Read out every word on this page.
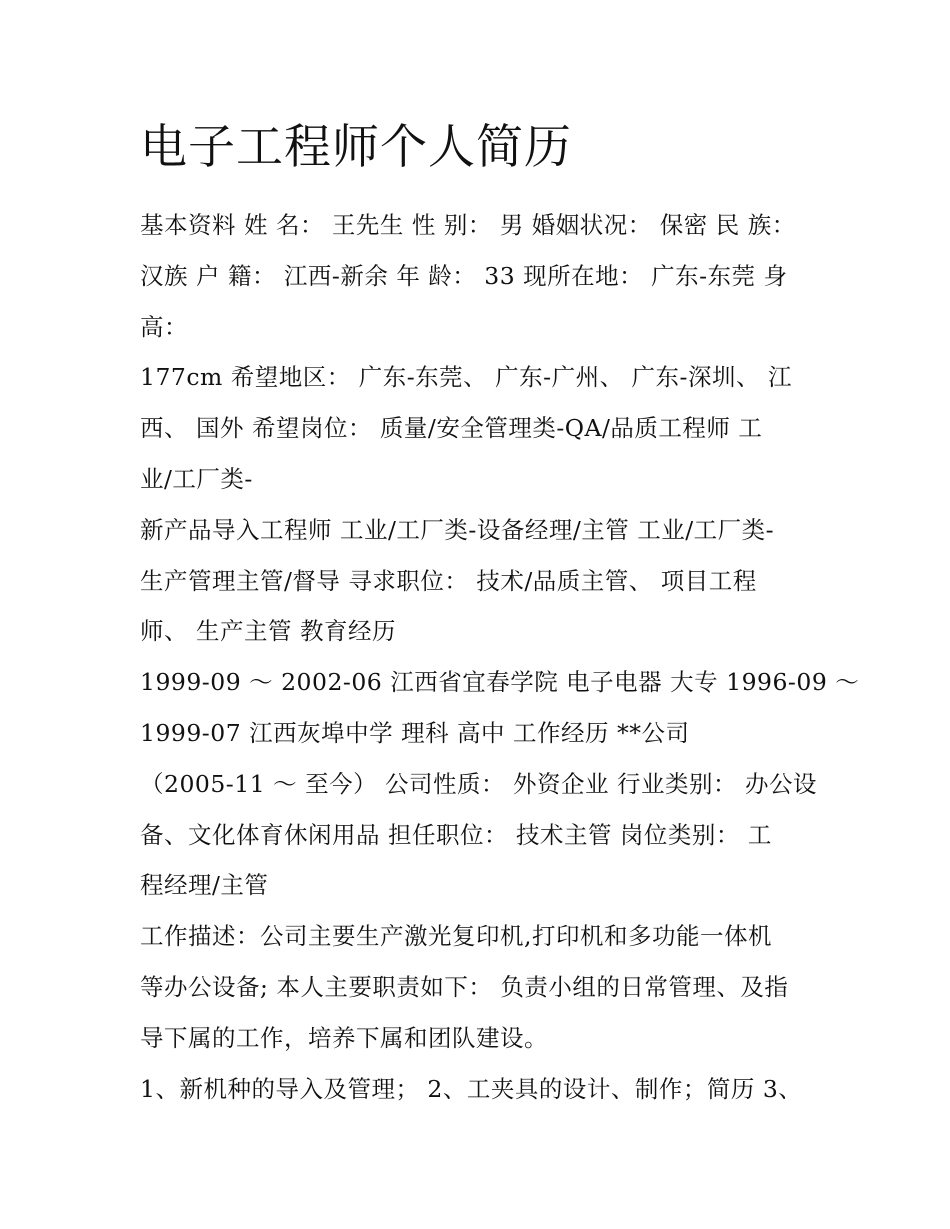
电子工程师个人简历
基本资料 姓 名： 王先生 性 别： 男 婚姻状况： 保密 民 族：
汉族 户 籍： 江西-新余 年 龄： 33 现所在地： 广东-东莞 身
高：
177cm 希望地区： 广东-东莞、 广东-广州、 广东-深圳、 江
西、 国外 希望岗位： 质量/安全管理类-QA/品质工程师 工
业/工厂类-
新产品导入工程师 工业/工厂类-设备经理/主管 工业/工厂类-
生产管理主管/督导 寻求职位： 技术/品质主管、 项目工程
师、 生产主管 教育经历
1999-09 ～ 2002-06 江西省宜春学院 电子电器 大专 1996-09 ～
1999-07 江西灰埠中学 理科 高中 工作经历 **公司
（2005-11 ～ 至今） 公司性质： 外资企业 行业类别： 办公设
备、文化体育休闲用品 担任职位： 技术主管 岗位类别： 工
程经理/主管
工作描述：公司主要生产激光复印机,打印机和多功能一体机
等办公设备; 本人主要职责如下： 负责小组的日常管理、及指
导下属的工作，培养下属和团队建设。
1、新机种的导入及管理； 2、工夹具的设计、制作；简历 3、
